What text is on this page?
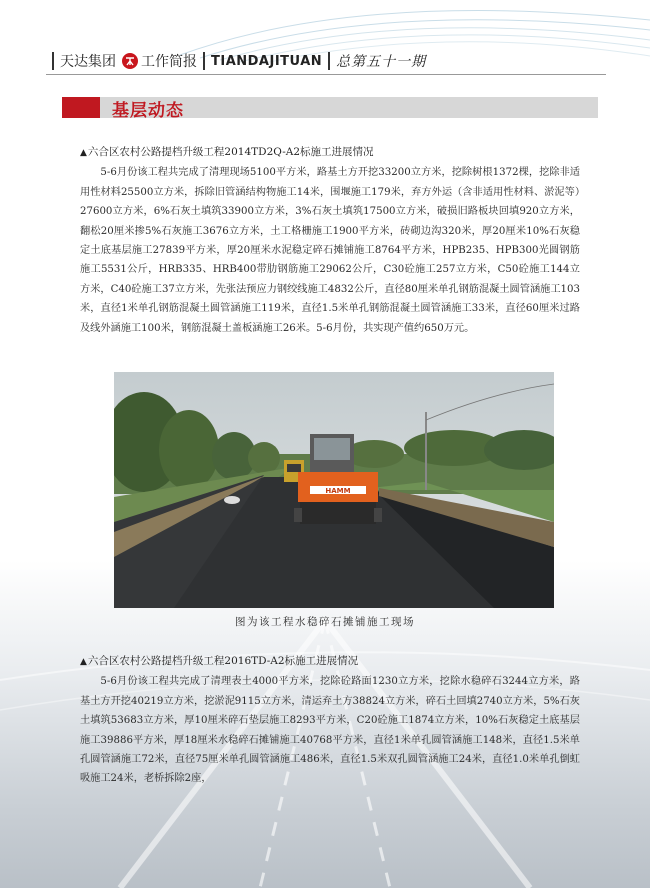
天达集团 工作简报 TIANDAJITUAN 总第五十一期
基层动态
▲六合区农村公路提档升级工程2014TD2Q-A2标施工进展情况
5-6月份该工程共完成了清理现场5100平方米，路基土方开挖33200立方米，挖除树根1372棵，挖除非适用性材料25500立方米，拆除旧管涵结构物施工14米，围堰施工179米，弃方外运（含非适用性材料、淤泥等）27600立方米，6%石灰土填筑33900立方米，3%石灰土填筑17500立方米，破损旧路板块回填920立方米，翻松20厘米掺5%石灰施工3676立方米，土工格栅施工1900平方米，砖砌边沟320米，厚20厘米10%石灰稳定土底基层施工27839平方米，厚20厘米水泥稳定碎石摊铺施工8764平方米，HPB235、HPB300光圆钢筋施工5531公斤，HRB335、HRB400带肋钢筋施工29062公斤，C30砼施工257立方米，C50砼施工144立方米，C40砼施工37立方米，先张法预应力钢绞线施工4832公斤，直径80厘米单孔钢筋混凝土圆管涵施工103米，直径1米单孔钢筋混凝土圆管涵施工119米，直径1.5米单孔钢筋混凝土圆管涵施工33米，直径60厘米过路及线外涵施工100米，钢筋混凝土盖板涵施工26米。5-6月份，共实现产值约650万元。
HAMM
图为该工程水稳碎石摊铺施工现场
▲六合区农村公路提档升级工程2016TD-A2标施工进展情况
5-6月份该工程共完成了清理表土4000平方米，挖除砼路面1230立方米，挖除水稳碎石3244立方米，路基土方开挖40219立方米，挖淤泥9115立方米，清运弃土方38824立方米，碎石土回填2740立方米，5%石灰土填筑53683立方米，厚10厘米碎石垫层施工8293平方米，C20砼施工1874立方米，10%石灰稳定土底基层施工39886平方米，厚18厘米水稳碎石摊铺施工40768平方米，直径1米单孔圆管涵施工148米，直径1.5米单孔圆管涵施工72米，直径75厘米单孔圆管涵施工486米，直径1.5米双孔圆管涵施工24米，直径1.0米单孔倒虹吸施工24米，老桥拆除2座，
